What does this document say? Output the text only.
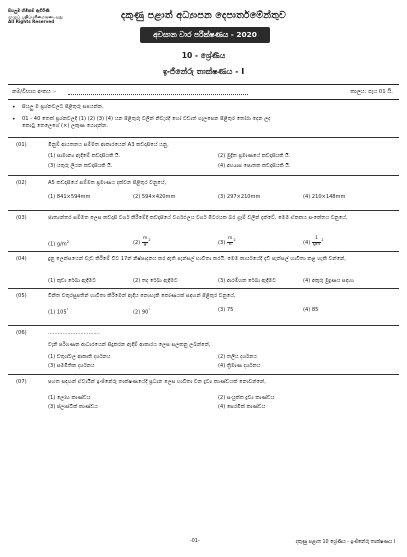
සියලුම හිමිකම් ඇවිරිණි
முழுப் பதிப்புரிமையுடையது
All Rights Reserved
දකුණු පළාත් අධ්‍යාපන දෙපාර්තමේන්තුව
අවසාන වාර පරීක්ෂණය - 2020
10 - ශ්‍රේණිය
ඉංජිනේරු තාක්ෂණය - I
නම/විභාග අංකය :-	කාලය: පැය 01 යි.
• සියලු ම ප්‍රශ්නවලට පිළිතුරු සපයන්න.
• 01 - 40 තෙක් ප්‍රශ්නවලදී (1) (2) (3) (4) යන පිළිතුරු වලින් නිවැරදි හෝ වඩාත් ගැලපෙන පිළිතුර තෝරා දෙන ලද
කොටු තෙලෙගේ (×) ලකුණ යොදන්න.
(01)	මිනුම් ආයතනය සම්මත ආකාරයෙන් A3 කඩදාසියේ යනු,
(1) සාමාන්‍ය ඇඳීමේ කඩදාසියකි යි.	(2) මුද්‍රිත ප්‍රමාණයේ කඩදාසියකි යි.
(3) යතුරු ලියන කඩදාසියකි යි.	(4) අභ්‍යාස පොතක කඩදාසියකි යි.
(02)	A5 කඩදාසියේ සම්මත ප්‍රමාණය දක්වන පිළිතුර වනුයේ,
(1) 841×594mm	(2) 594×420mm	(3) 297×210mm	(4) 210×148mm
(03)	ජාත්‍යන්තර සම්මත ලෙස කඩදාසි වර්ග කිරීමේදී කඩදාසියේ වර්ගඵලය වර්ග මීටරයක බර ග්‍රෑම් වලින් දැක්වේ. මෙම ඒකකය සංකේතය වනුයේ,
(1) $g/m^2$	$(2) \frac{m}{g} ^2$	$(3) \frac{m}{n} ^2$	$(4) \frac{1}{gm} ^2$
(04)	දුනු ලෙන්සයෙන් වැඩ කිරීමේ විට 17න් නිෂ්පාදනය කර ඇති පැන්සල් භාවිතා කරයි. මෙම කාර්යයේදී දැඩි පැන්සල් භාවිතා කළ හැකි වන්නේ,
(1) කුඩා රේඛා ඇඳීමට	(2) තද රේඛා ඇඳීමට	(3) ආරම්භක රේඛා ඇඳීමට	(4) අකුරු මුදුණය සඳහා
(05)	විනිත වතුරසුපතින් භාවිතා කිරීමෙන් ඇඳිය නොහැකි කෝණයක් සඳහන් පිළිතුර වනුයේ,
(1) 105°	(2) 90°	(3) 75	(4) 85
(06)	................................
වැනි පරිගණක ආධාරයෙන් සිදුකරන ඇඳීම් ආකාරය ලෙස සලකනු ලබන්නේ,
(1) චතුශ්චල ආකෘති දර්ශනය	(2) තලීය දර්ශනය
(3) සමමිතික දර්ශනය	(4) ත්‍රිමාණ දර්ශනය
(07)	පහත සඳහන් ඒවායින් ඉංජිනේරු තාක්ෂණයේදී ප්‍රධාන ලෙස භාවිතා වන ද්‍රව්‍ය කාණ්ඩයක් නොවන්නේ,
(1) ලෝහ කාණ්ඩය	(2) සංයුක්ත ද්‍රව්‍ය කාණ්ඩය
(3) ප්ලාස්ටික් කාණ්ඩය	(4) සෙරමික් කාණ්ඩය
-01-	දකුණු පළාත 10 ශ්‍රේණිය - ඉංජිනේරු තාක්ෂණය I
